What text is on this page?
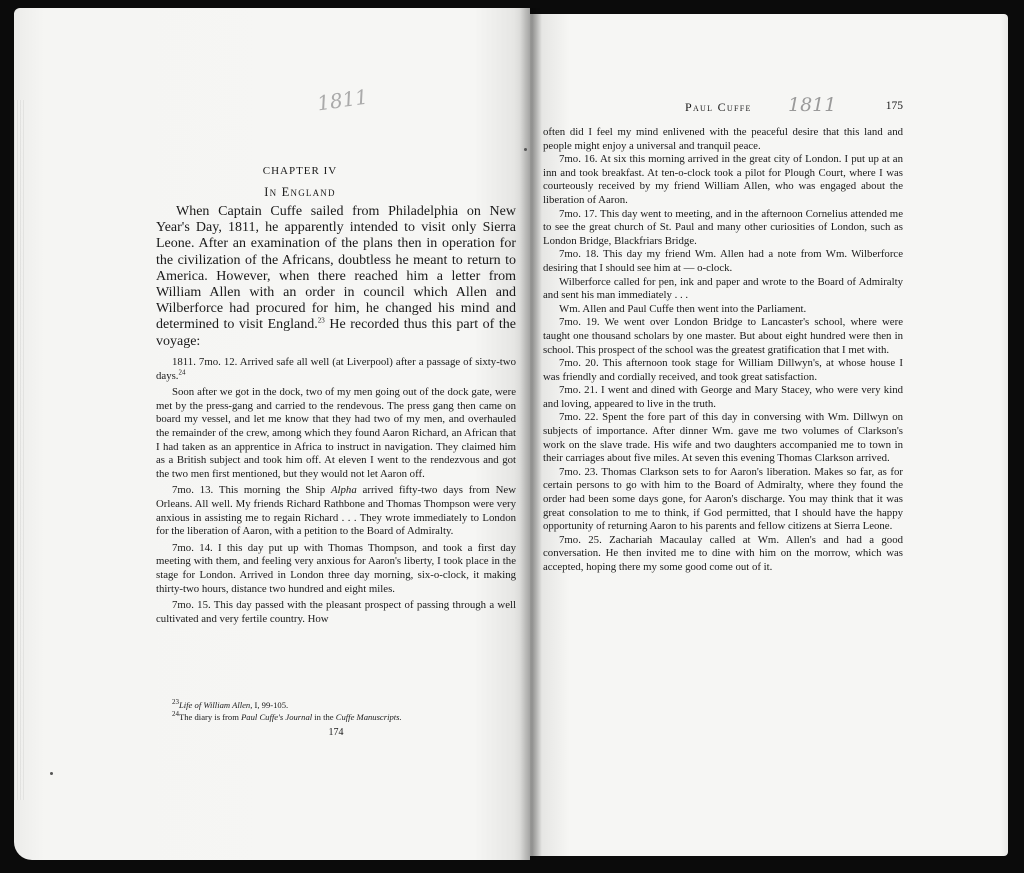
1811
CHAPTER IV
In England
When Captain Cuffe sailed from Philadelphia on New Year's Day, 1811, he apparently intended to visit only Sierra Leone. After an examination of the plans then in operation for the civilization of the Africans, doubtless he meant to return to America. However, when there reached him a letter from William Allen with an order in council which Allen and Wilberforce had procured for him, he changed his mind and determined to visit England.$^{23}$ He recorded thus this part of the voyage:

1811. 7mo. 12. Arrived safe all well (at Liverpool) after a passage of sixty-two days.$^{24}$

Soon after we got in the dock, two of my men going out of the dock gate, were met by the press-gang and carried to the rendevous. The press gang then came on board my vessel, and let me know that they had two of my men, and overhauled the remainder of the crew, among which they found Aaron Richard, an African that I had taken as an apprentice in Africa to instruct in navigation. They claimed him as a British subject and took him off. At eleven I went to the rendezvous and got the two men first mentioned, but they would not let Aaron off.

7mo. 13. This morning the Ship Alpha arrived fifty-two days from New Orleans. All well. My friends Richard Rathbone and Thomas Thompson were very anxious in assisting me to regain Richard . . . They wrote immediately to London for the liberation of Aaron, with a petition to the Board of Admiralty.

7mo. 14. I this day put up with Thomas Thompson, and took a first day meeting with them, and feeling very anxious for Aaron's liberty, I took place in the stage for London. Arrived in London three day morning, six-o-clock, it making thirty-two hours, distance two hundred and eight miles.

7mo. 15. This day passed with the pleasant prospect of passing through a well cultivated and very fertile country. How

$^{23}$Life of William Allen, I, 99-105.

$^{24}$The diary is from Paul Cuffe's Journal in the Cuffe Manuscripts.

174
Paul Cuffe 1811	175

often did I feel my mind enlivened with the peaceful desire that this land and people might enjoy a universal and tranquil peace.

7mo. 16. At six this morning arrived in the great city of London. I put up at an inn and took breakfast. At ten-o-clock took a pilot for Plough Court, where I was courteously received by my friend William Allen, who was engaged about the liberation of Aaron.

7mo. 17. This day went to meeting, and in the afternoon Cornelius attended me to see the great church of St. Paul and many other curiosities of London, such as London Bridge, Blackfriars Bridge.

7mo. 18. This day my friend Wm. Allen had a note from Wm. Wilberforce desiring that I should see him at — o-clock.

Wilberforce called for pen, ink and paper and wrote to the Board of Admiralty and sent his man immediately . . .

Wm. Allen and Paul Cuffe then went into the Parliament.

7mo. 19. We went over London Bridge to Lancaster's school, where were taught one thousand scholars by one master. But about eight hundred were then in school. This prospect of the school was the greatest gratification that I met with.

7mo. 20. This afternoon took stage for William Dillwyn's, at whose house I was friendly and cordially received, and took great satisfaction.

7mo. 21. I went and dined with George and Mary Stacey, who were very kind and loving, appeared to live in the truth.

7mo. 22. Spent the fore part of this day in conversing with Wm. Dillwyn on subjects of importance. After dinner Wm. gave me two volumes of Clarkson's work on the slave trade. His wife and two daughters accompanied me to town in their carriages about five miles. At seven this evening Thomas Clarkson arrived.

7mo. 23. Thomas Clarkson sets to for Aaron's liberation. Makes so far, as for certain persons to go with him to the Board of Admiralty, where they found the order had been some days gone, for Aaron's discharge. You may think that it was great consolation to me to think, if God permitted, that I should have the happy opportunity of returning Aaron to his parents and fellow citizens at Sierra Leone.

7mo. 25. Zachariah Macaulay called at Wm. Allen's and had a good conversation. He then invited me to dine with him on the morrow, which was accepted, hoping there my some good come out of it.
